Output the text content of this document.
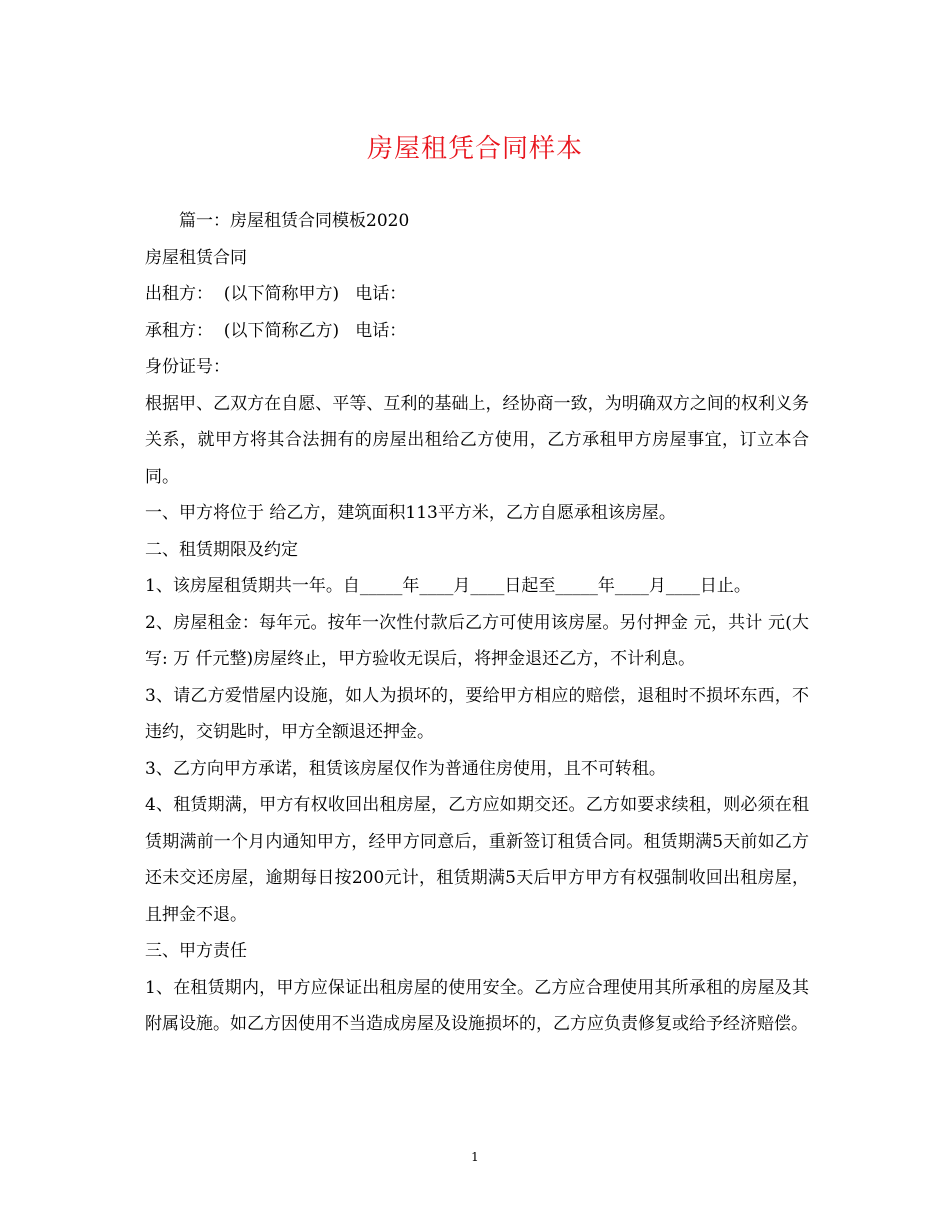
房屋租凭合同样本

篇一：房屋租赁合同模板2020

房屋租赁合同

出租方：  (以下简称甲方)   电话：

承租方：  (以下简称乙方)   电话：

身份证号：

根据甲、乙双方在自愿、平等、互利的基础上，经协商一致，为明确双方之间的权利义务关系，就甲方将其合法拥有的房屋出租给乙方使用，乙方承租甲方房屋事宜，订立本合同。

一、甲方将位于 给乙方，建筑面积113平方米，乙方自愿承租该房屋。

二、租赁期限及约定

1、该房屋租赁期共一年。自_____年____月____日起至_____年____月____日止。

2、房屋租金：每年元。按年一次性付款后乙方可使用该房屋。另付押金 元，共计 元(大写: 万 仟元整)房屋终止，甲方验收无误后，将押金退还乙方，不计利息。

3、请乙方爱惜屋内设施，如人为损坏的，要给甲方相应的赔偿，退租时不损坏东西，不违约，交钥匙时，甲方全额退还押金。

3、乙方向甲方承诺，租赁该房屋仅作为普通住房使用，且不可转租。

4、租赁期满，甲方有权收回出租房屋，乙方应如期交还。乙方如要求续租，则必须在租赁期满前一个月内通知甲方，经甲方同意后，重新签订租赁合同。租赁期满5天前如乙方还未交还房屋，逾期每日按200元计，租赁期满5天后甲方甲方有权强制收回出租房屋，且押金不退。

三、甲方责任

1、在租赁期内，甲方应保证出租房屋的使用安全。乙方应合理使用其所承租的房屋及其附属设施。如乙方因使用不当造成房屋及设施损坏的，乙方应负责修复或给予经济赔偿。

1
